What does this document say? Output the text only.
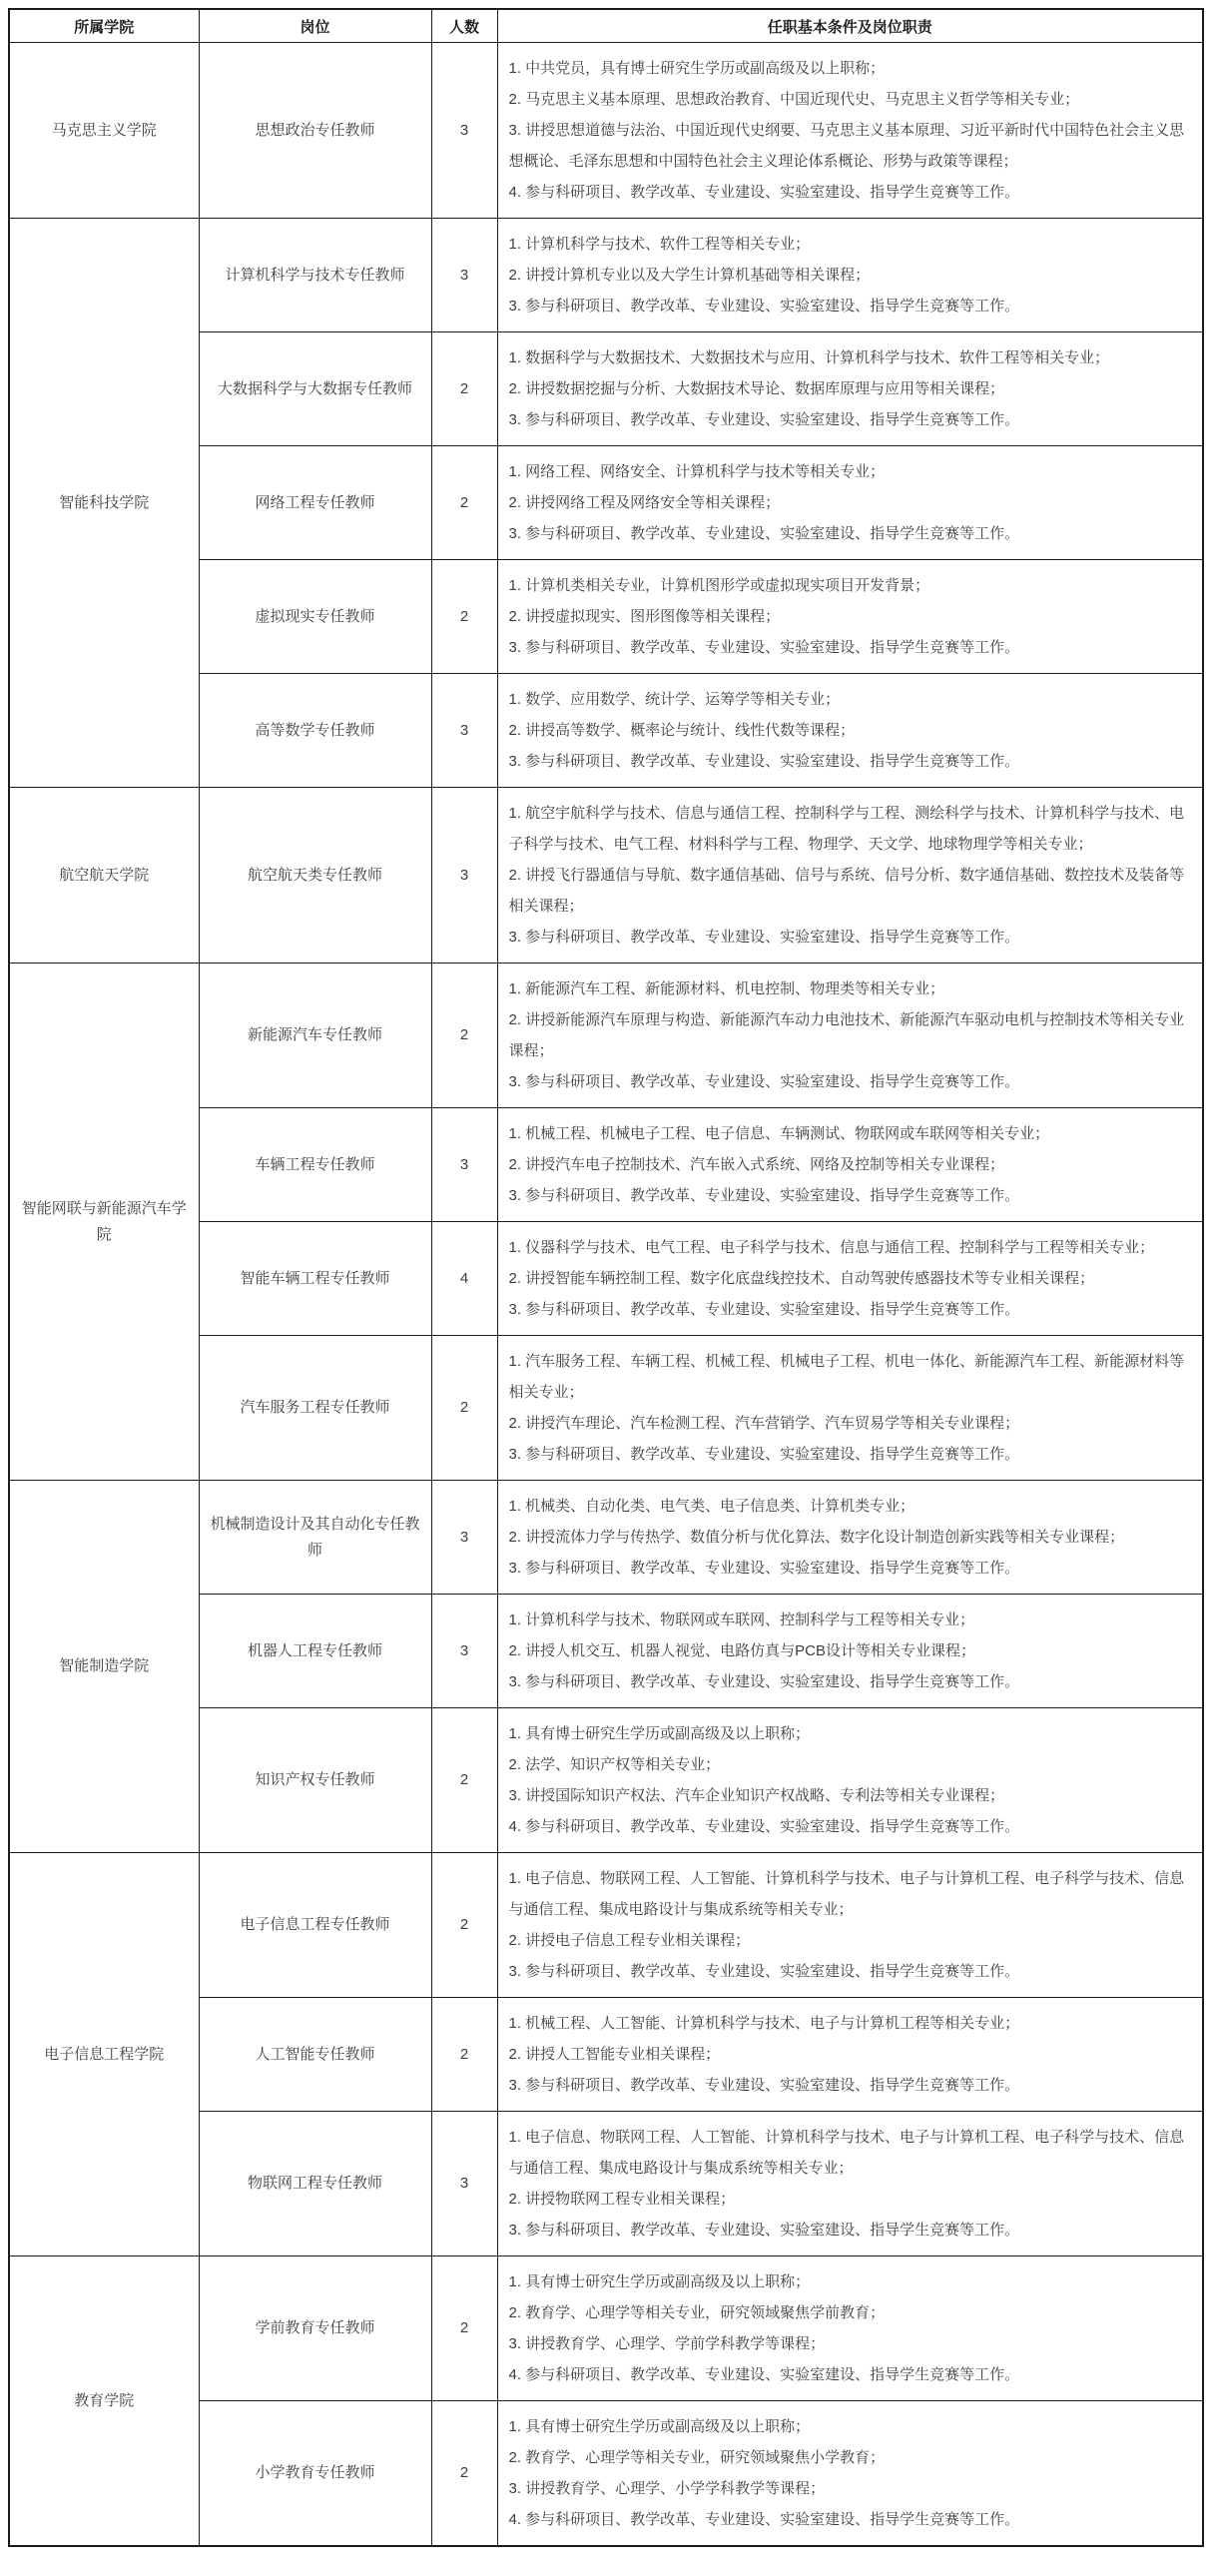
所属学院	岗位	人数	任职基本条件及岗位职责
马克思主义学院	思想政治专任教师	3	1. 中共党员，具有博士研究生学历或副高级及以上职称；
2. 马克思主义基本原理、思想政治教育、中国近现代史、马克思主义哲学等相关专业；
3. 讲授思想道德与法治、中国近现代史纲要、马克思主义基本原理、习近平新时代中国特色社会主义思想概论、毛泽东思想和中国特色社会主义理论体系概论、形势与政策等课程；
4. 参与科研项目、教学改革、专业建设、实验室建设、指导学生竞赛等工作。

智能科技学院	计算机科学与技术专任教师	3	1. 计算机科学与技术、软件工程等相关专业；
2. 讲授计算机专业以及大学生计算机基础等相关课程；
3. 参与科研项目、教学改革、专业建设、实验室建设、指导学生竞赛等工作。

	大数据科学与大数据专任教师	2	1. 数据科学与大数据技术、大数据技术与应用、计算机科学与技术、软件工程等相关专业；
2. 讲授数据挖掘与分析、大数据技术导论、数据库原理与应用等相关课程；
3. 参与科研项目、教学改革、专业建设、实验室建设、指导学生竞赛等工作。

	网络工程专任教师	2	1. 网络工程、网络安全、计算机科学与技术等相关专业；
2. 讲授网络工程及网络安全等相关课程；
3. 参与科研项目、教学改革、专业建设、实验室建设、指导学生竞赛等工作。

	虚拟现实专任教师	2	1. 计算机类相关专业，计算机图形学或虚拟现实项目开发背景；
2. 讲授虚拟现实、图形图像等相关课程；
3. 参与科研项目、教学改革、专业建设、实验室建设、指导学生竞赛等工作。

	高等数学专任教师	3	1. 数学、应用数学、统计学、运筹学等相关专业；
2. 讲授高等数学、概率论与统计、线性代数等课程；
3. 参与科研项目、教学改革、专业建设、实验室建设、指导学生竞赛等工作。

航空航天学院	航空航天类专任教师	3	1. 航空宇航科学与技术、信息与通信工程、控制科学与工程、测绘科学与技术、计算机科学与技术、电子科学与技术、电气工程、材料科学与工程、物理学、天文学、地球物理学等相关专业；
2. 讲授飞行器通信与导航、数字通信基础、信号与系统、信号分析、数字通信基础、数控技术及装备等相关课程；
3. 参与科研项目、教学改革、专业建设、实验室建设、指导学生竞赛等工作。

智能网联与新能源汽车学院	新能源汽车专任教师	2	1. 新能源汽车工程、新能源材料、机电控制、物理类等相关专业；
2. 讲授新能源汽车原理与构造、新能源汽车动力电池技术、新能源汽车驱动电机与控制技术等相关专业课程；
3. 参与科研项目、教学改革、专业建设、实验室建设、指导学生竞赛等工作。

	车辆工程专任教师	3	1. 机械工程、机械电子工程、电子信息、车辆测试、物联网或车联网等相关专业；
2. 讲授汽车电子控制技术、汽车嵌入式系统、网络及控制等相关专业课程；
3. 参与科研项目、教学改革、专业建设、实验室建设、指导学生竞赛等工作。

	智能车辆工程专任教师	4	1. 仪器科学与技术、电气工程、电子科学与技术、信息与通信工程、控制科学与工程等相关专业；
2. 讲授智能车辆控制工程、数字化底盘线控技术、自动驾驶传感器技术等专业相关课程；
3. 参与科研项目、教学改革、专业建设、实验室建设、指导学生竞赛等工作。

	汽车服务工程专任教师	2	1. 汽车服务工程、车辆工程、机械工程、机械电子工程、机电一体化、新能源汽车工程、新能源材料等相关专业；
2. 讲授汽车理论、汽车检测工程、汽车营销学、汽车贸易学等相关专业课程；
3. 参与科研项目、教学改革、专业建设、实验室建设、指导学生竞赛等工作。

智能制造学院	机械制造设计及其自动化专任教师	3	1. 机械类、自动化类、电气类、电子信息类、计算机类专业；
2. 讲授流体力学与传热学、数值分析与优化算法、数字化设计制造创新实践等相关专业课程；
3. 参与科研项目、教学改革、专业建设、实验室建设、指导学生竞赛等工作。

	机器人工程专任教师	3	1. 计算机科学与技术、物联网或车联网、控制科学与工程等相关专业；
2. 讲授人机交互、机器人视觉、电路仿真与PCB设计等相关专业课程；
3. 参与科研项目、教学改革、专业建设、实验室建设、指导学生竞赛等工作。

	知识产权专任教师	2	1. 具有博士研究生学历或副高级及以上职称；
2. 法学、知识产权等相关专业；
3. 讲授国际知识产权法、汽车企业知识产权战略、专利法等相关专业课程；
4. 参与科研项目、教学改革、专业建设、实验室建设、指导学生竞赛等工作。

电子信息工程学院	电子信息工程专任教师	2	1. 电子信息、物联网工程、人工智能、计算机科学与技术、电子与计算机工程、电子科学与技术、信息与通信工程、集成电路设计与集成系统等相关专业；
2. 讲授电子信息工程专业相关课程；
3. 参与科研项目、教学改革、专业建设、实验室建设、指导学生竞赛等工作。

	人工智能专任教师	2	1. 机械工程、人工智能、计算机科学与技术、电子与计算机工程等相关专业；
2. 讲授人工智能专业相关课程；
3. 参与科研项目、教学改革、专业建设、实验室建设、指导学生竞赛等工作。

	物联网工程专任教师	3	1. 电子信息、物联网工程、人工智能、计算机科学与技术、电子与计算机工程、电子科学与技术、信息与通信工程、集成电路设计与集成系统等相关专业；
2. 讲授物联网工程专业相关课程；
3. 参与科研项目、教学改革、专业建设、实验室建设、指导学生竞赛等工作。

教育学院	学前教育专任教师	2	1. 具有博士研究生学历或副高级及以上职称；
2. 教育学、心理学等相关专业，研究领域聚焦学前教育；
3. 讲授教育学、心理学、学前学科教学等课程；
4. 参与科研项目、教学改革、专业建设、实验室建设、指导学生竞赛等工作。

	小学教育专任教师	2	1. 具有博士研究生学历或副高级及以上职称；
2. 教育学、心理学等相关专业，研究领域聚焦小学教育；
3. 讲授教育学、心理学、小学学科教学等课程；
4. 参与科研项目、教学改革、专业建设、实验室建设、指导学生竞赛等工作。
